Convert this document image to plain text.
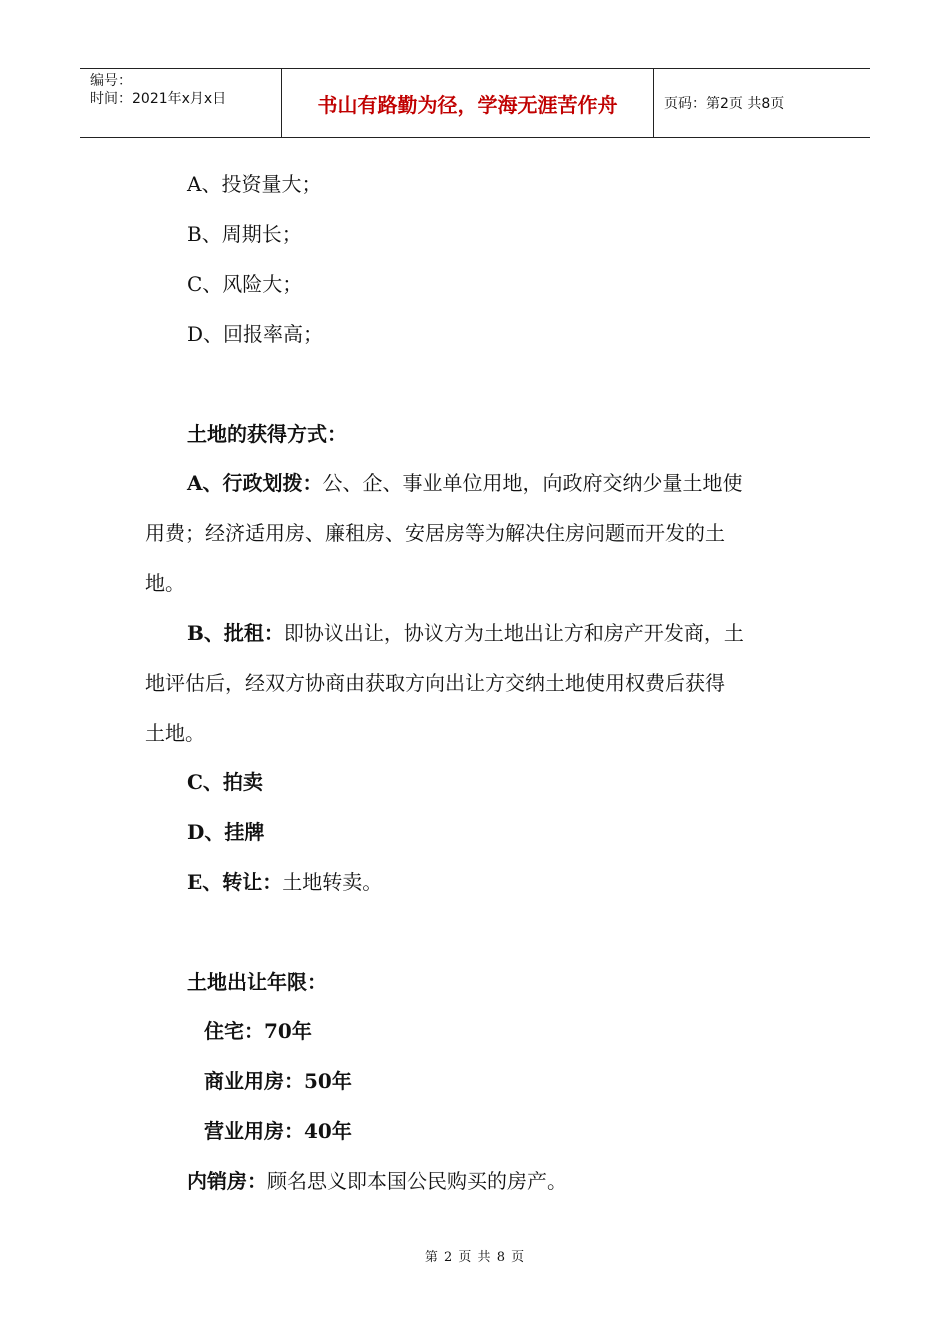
编号：
时间：2021年x月x日	书山有路勤为径，学海无涯苦作舟	页码：第2页 共8页
A、投资量大；
B、周期长；
C、风险大；
D、回报率高；
土地的获得方式：
A、行政划拨：公、企、事业单位用地，向政府交纳少量土地使
用费；经济适用房、廉租房、安居房等为解决住房问题而开发的土
地。
B、批租：即协议出让，协议方为土地出让方和房产开发商，土
地评估后，经双方协商由获取方向出让方交纳土地使用权费后获得
土地。
C、拍卖
D、挂牌
E、转让：土地转卖。
土地出让年限：
住宅：70年
商业用房：50年
营业用房：40年
内销房：顾名思义即本国公民购买的房产。
第 2 页 共 8 页
